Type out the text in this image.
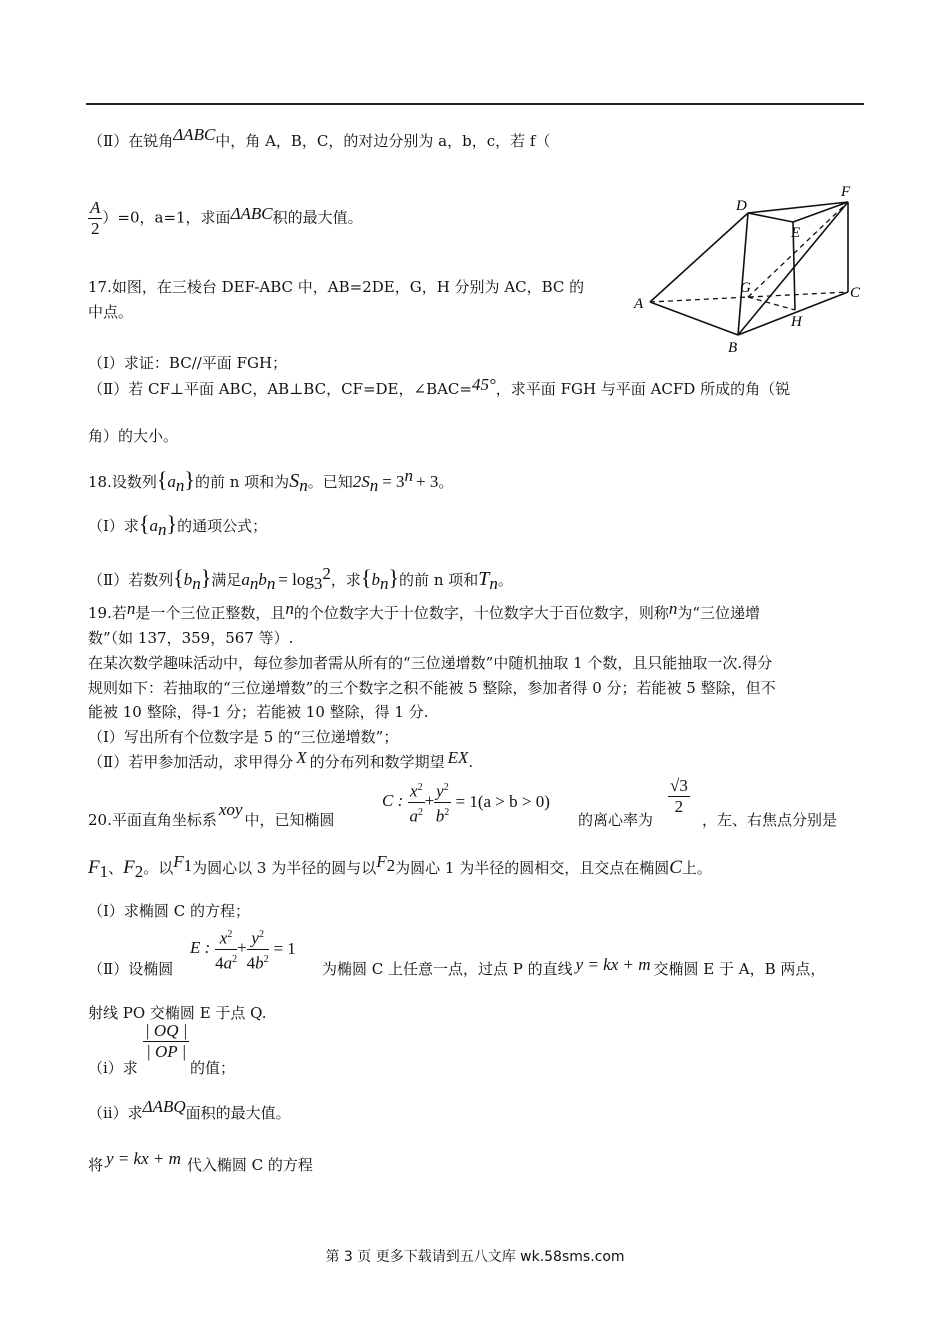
（Ⅱ）在锐角ΔABC中，角 A，B，C，的对边分别为 a，b，c，若 f（
$\frac{A}{2} )=0$，a=1，求面ΔABC积的最大值。
D
F
E
G
A
C
H
B
17.如图，在三棱台 DEF-ABC 中，AB=2DE，G，H 分别为 AC，BC 的
中点。
（Ⅰ）求证：BC//平面 FGH；
（Ⅱ）若 CF⊥平面 ABC，AB⊥BC，CF=DE，∠BAC=45°，求平面 FGH 与平面 ACFD 所成的角（锐
角）的大小。
18.设数列$\{a_n\}$的前 n 项和为$S_n$。已知$2S_n = 3^n + 3$。
（Ⅰ）求$\{a_n\}$的通项公式；
（Ⅱ）若数列$\{b_n\}$满足$a_nb_n = \log_3^2$，求$\{b_n\}$的前 n 项和$T_n$。
19.若n是一个三位正整数，且n的个位数字大于十位数字，十位数字大于百位数字，则称n为“三位递增
数”（如 137，359，567 等）.
在某次数学趣味活动中，每位参加者需从所有的“三位递增数”中随机抽取 1 个数，且只能抽取一次.得分
规则如下：若抽取的“三位递增数”的三个数字之积不能被 5 整除，参加者得 0 分；若能被 5 整除，但不
能被 10 整除，得-1 分；若能被 10 整除，得 1 分.
（Ⅰ）写出所有个位数字是 5 的“三位递增数”；
（Ⅱ）若甲参加活动，求甲得分 X 的分布列和数学期望 EX.
20.平面直角坐标系xoy中，已知椭圆
C : $\frac{x^2}{a^2} + \frac{y^2}{b^2} = 1(a > b > 0)$
的离心率为
$\frac{√3}{2}$
，左、右焦点分别是
$F_1$、$F_2$。以$F_1$为圆心以 3 为半径的圆与以$F_2$为圆心 1 为半径的圆相交，且交点在椭圆C上。
（Ⅰ）求椭圆 C 的方程；
（Ⅱ）设椭圆
E : $\frac{x^2}{4a^2} + \frac{y^2}{4b^2} = 1$
为椭圆 C 上任意一点，过点 P 的直线 y = kx + m 交椭圆 E 于 A，B 两点，
射线 PO 交椭圆 E 于点 Q.
（i）求
$\frac{| OQ |}{| OP |}$
的值；
（ii）求ΔABQ面积的最大值。
将 y = kx + m 代入椭圆 C 的方程
第 3 页 更多下载请到五八文库 wk.58sms.com
